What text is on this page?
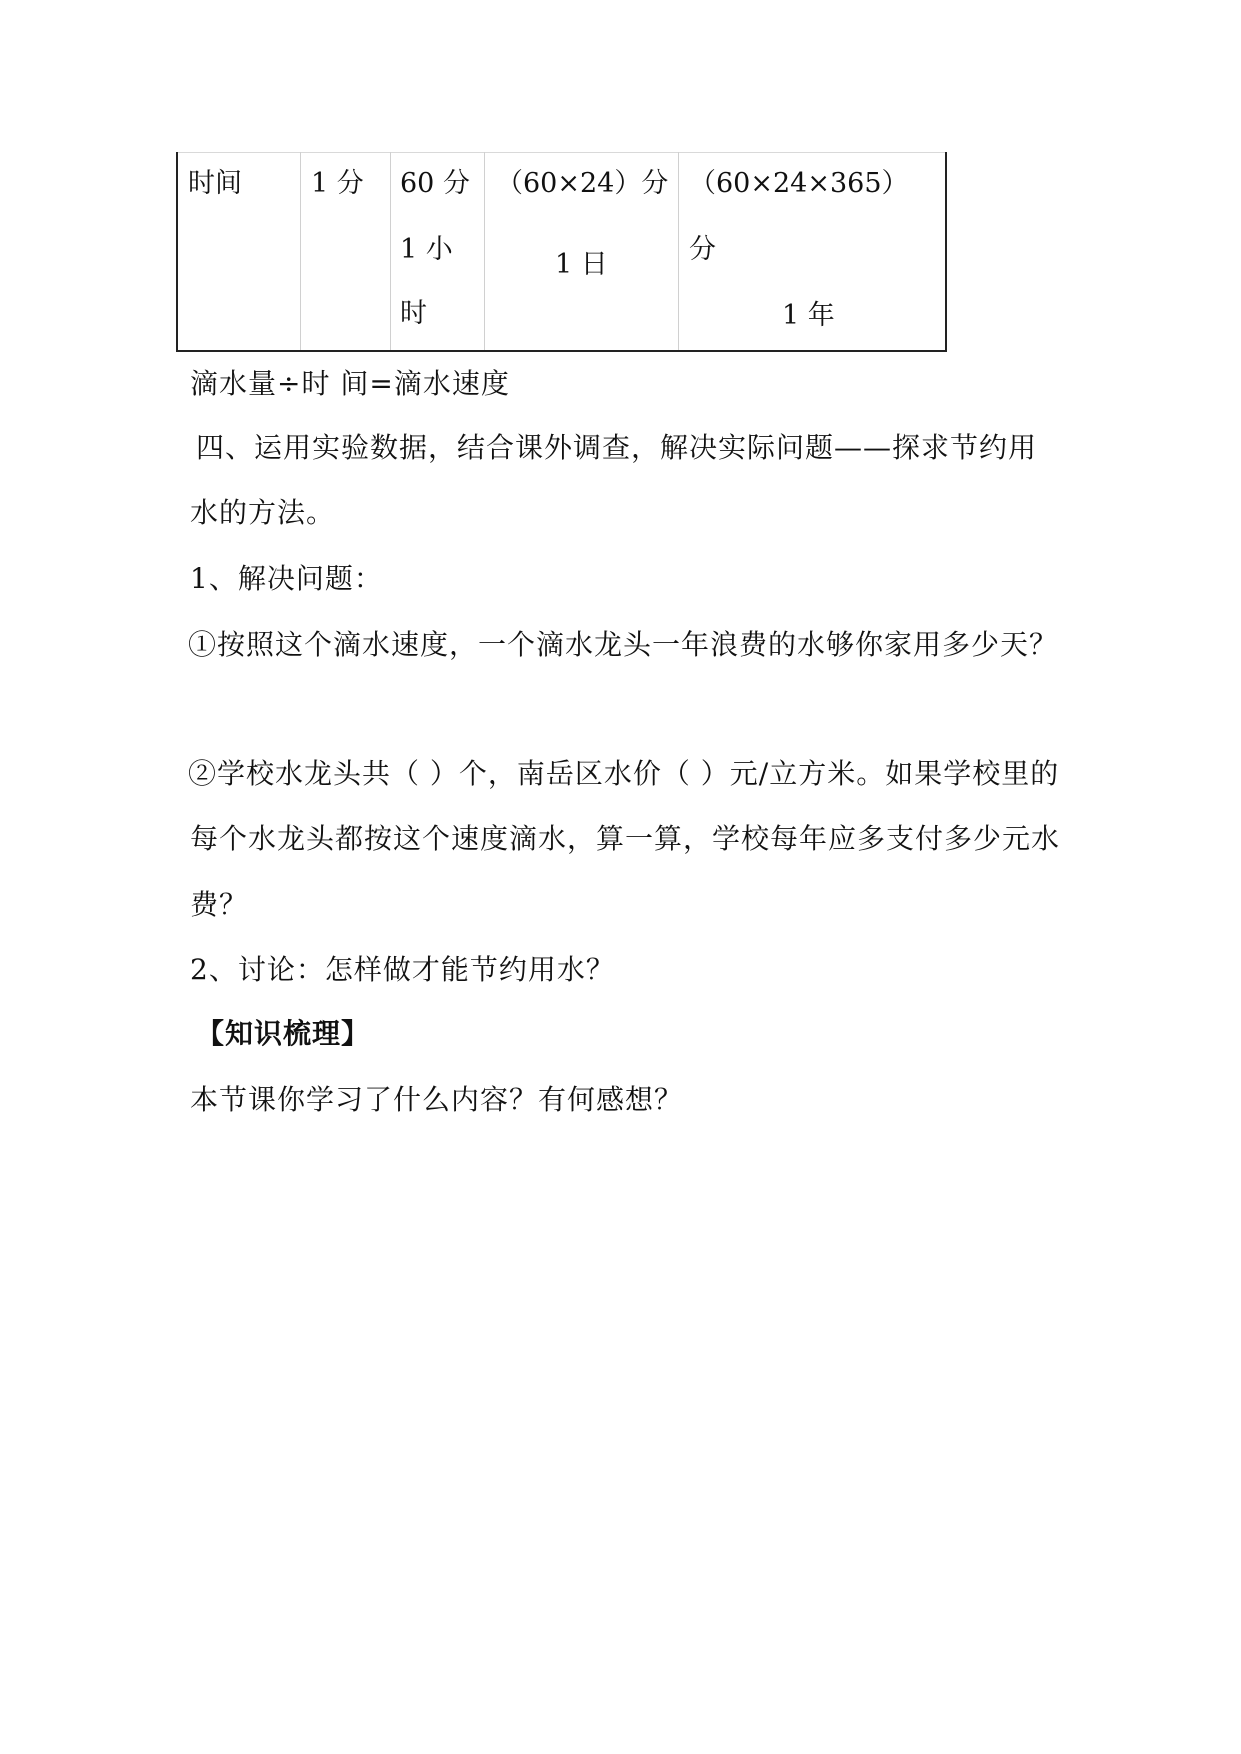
时间	1 分 60 分
1 小
时
（60×24）分
1 日
（60×24×365）
分
1 年
滴水量÷时 间=滴水速度
四、运用实验数据，结合课外调查，解决实际问题——探求节约用
水的方法。
1、解决问题：
①按照这个滴水速度，一个滴水龙头一年浪费的水够你家用多少天？
②学校水龙头共（ ）个，南岳区水价（ ）元/立方米。如果学校里的
每个水龙头都按这个速度滴水，算一算，学校每年应多支付多少元水
费？
2、讨论：怎样做才能节约用水？
【知识梳理】
本节课你学习了什么内容？有何感想？
